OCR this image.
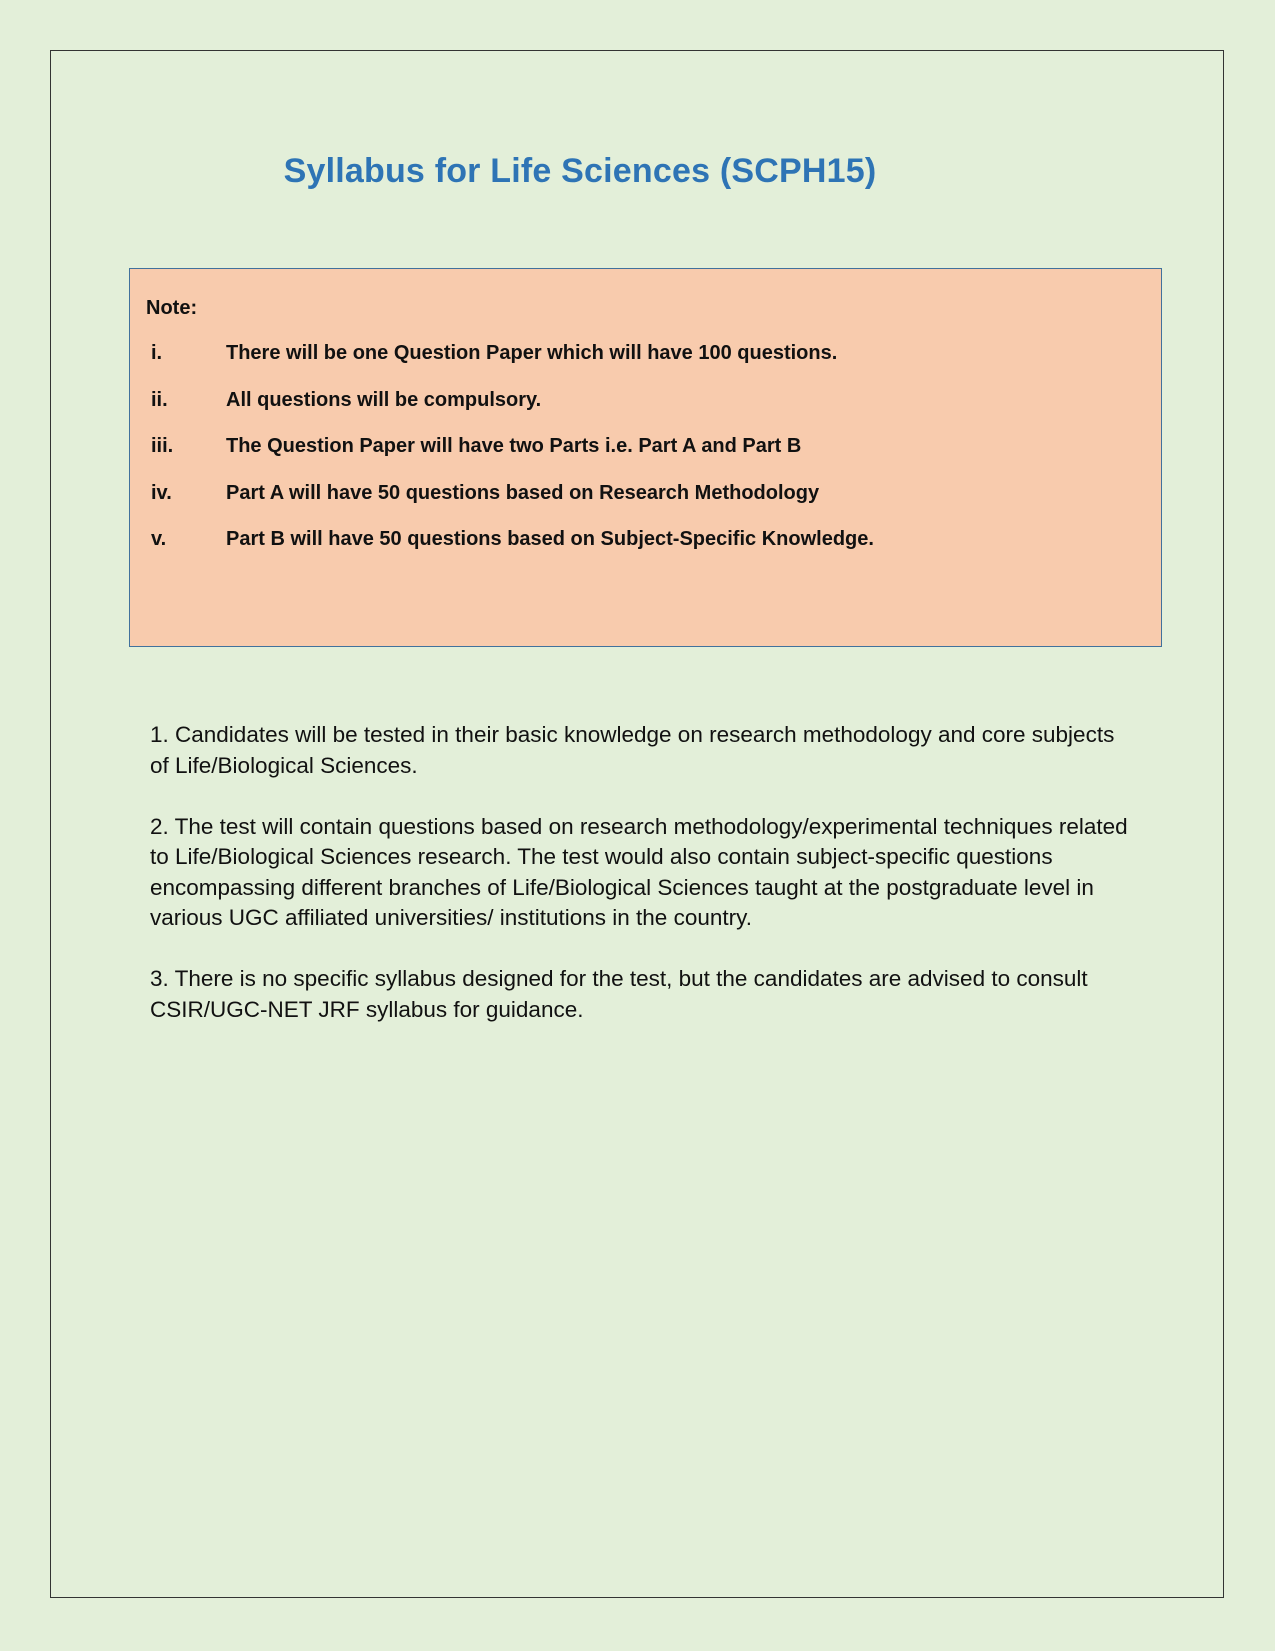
Syllabus for Life Sciences (SCPH15)
Note:
i.	There will be one Question Paper which will have 100 questions.
ii.	All questions will be compulsory.
iii.	The Question Paper will have two Parts i.e. Part A and Part B
iv.	Part A will have 50 questions based on Research Methodology
v.	Part B will have 50 questions based on Subject-Specific Knowledge.

1. Candidates will be tested in their basic knowledge on research methodology and core subjects of Life/Biological Sciences.

2. The test will contain questions based on research methodology/experimental techniques related to Life/Biological Sciences research. The test would also contain subject-specific questions encompassing different branches of Life/Biological Sciences taught at the postgraduate level in various UGC affiliated universities/ institutions in the country.

3. There is no specific syllabus designed for the test, but the candidates are advised to consult CSIR/UGC-NET JRF syllabus for guidance.
